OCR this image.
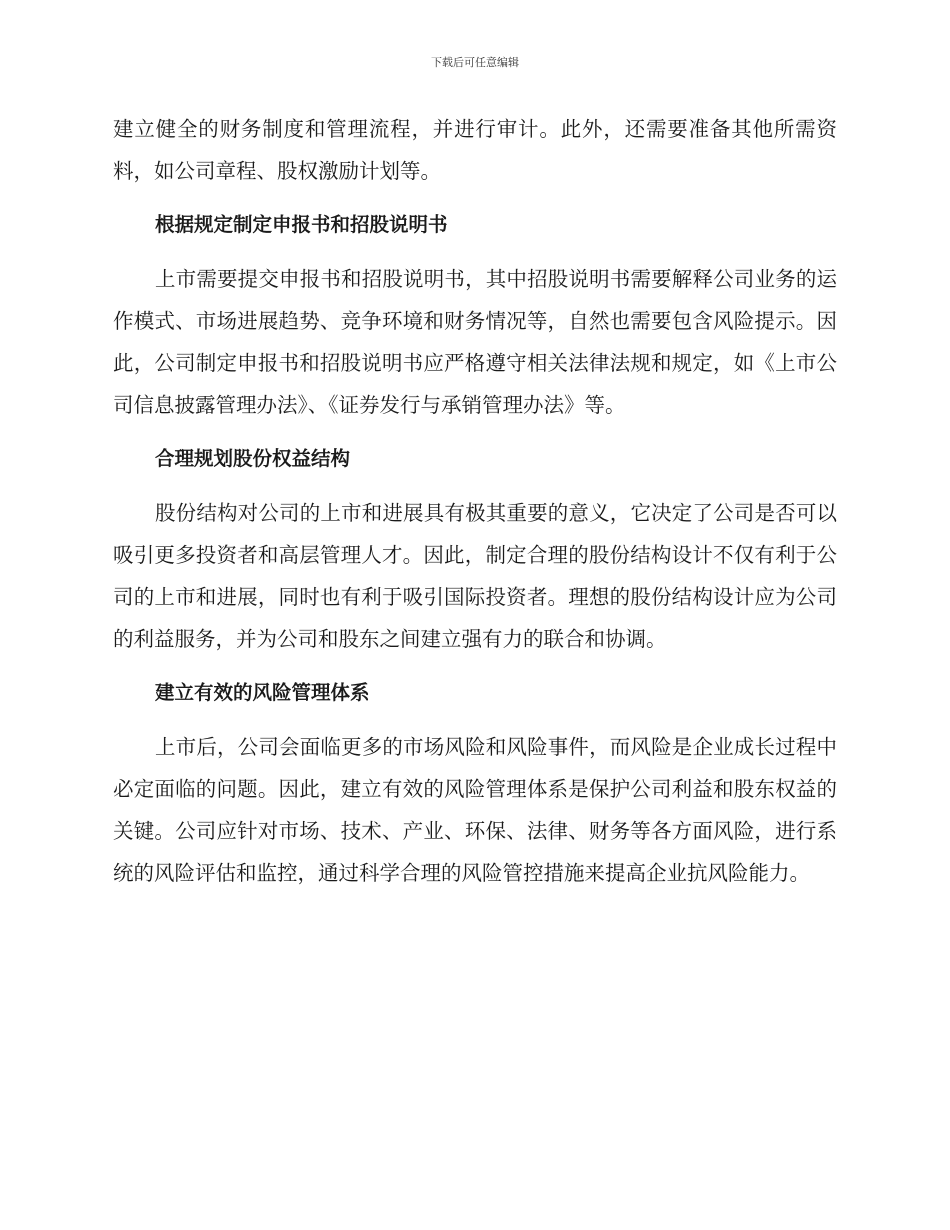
下载后可任意编辑

建立健全的财务制度和管理流程，并进行审计。此外，还需要准备其他所需资料，如公司章程、股权激励计划等。

根据规定制定申报书和招股说明书

上市需要提交申报书和招股说明书，其中招股说明书需要解释公司业务的运作模式、市场进展趋势、竞争环境和财务情况等，自然也需要包含风险提示。因此，公司制定申报书和招股说明书应严格遵守相关法律法规和规定，如《上市公司信息披露管理办法》、《证券发行与承销管理办法》等。

合理规划股份权益结构

股份结构对公司的上市和进展具有极其重要的意义，它决定了公司是否可以吸引更多投资者和高层管理人才。因此，制定合理的股份结构设计不仅有利于公司的上市和进展，同时也有利于吸引国际投资者。理想的股份结构设计应为公司的利益服务，并为公司和股东之间建立强有力的联合和协调。

建立有效的风险管理体系

上市后，公司会面临更多的市场风险和风险事件，而风险是企业成长过程中必定面临的问题。因此，建立有效的风险管理体系是保护公司利益和股东权益的关键。公司应针对市场、技术、产业、环保、法律、财务等各方面风险，进行系统的风险评估和监控，通过科学合理的风险管控措施来提高企业抗风险能力。
